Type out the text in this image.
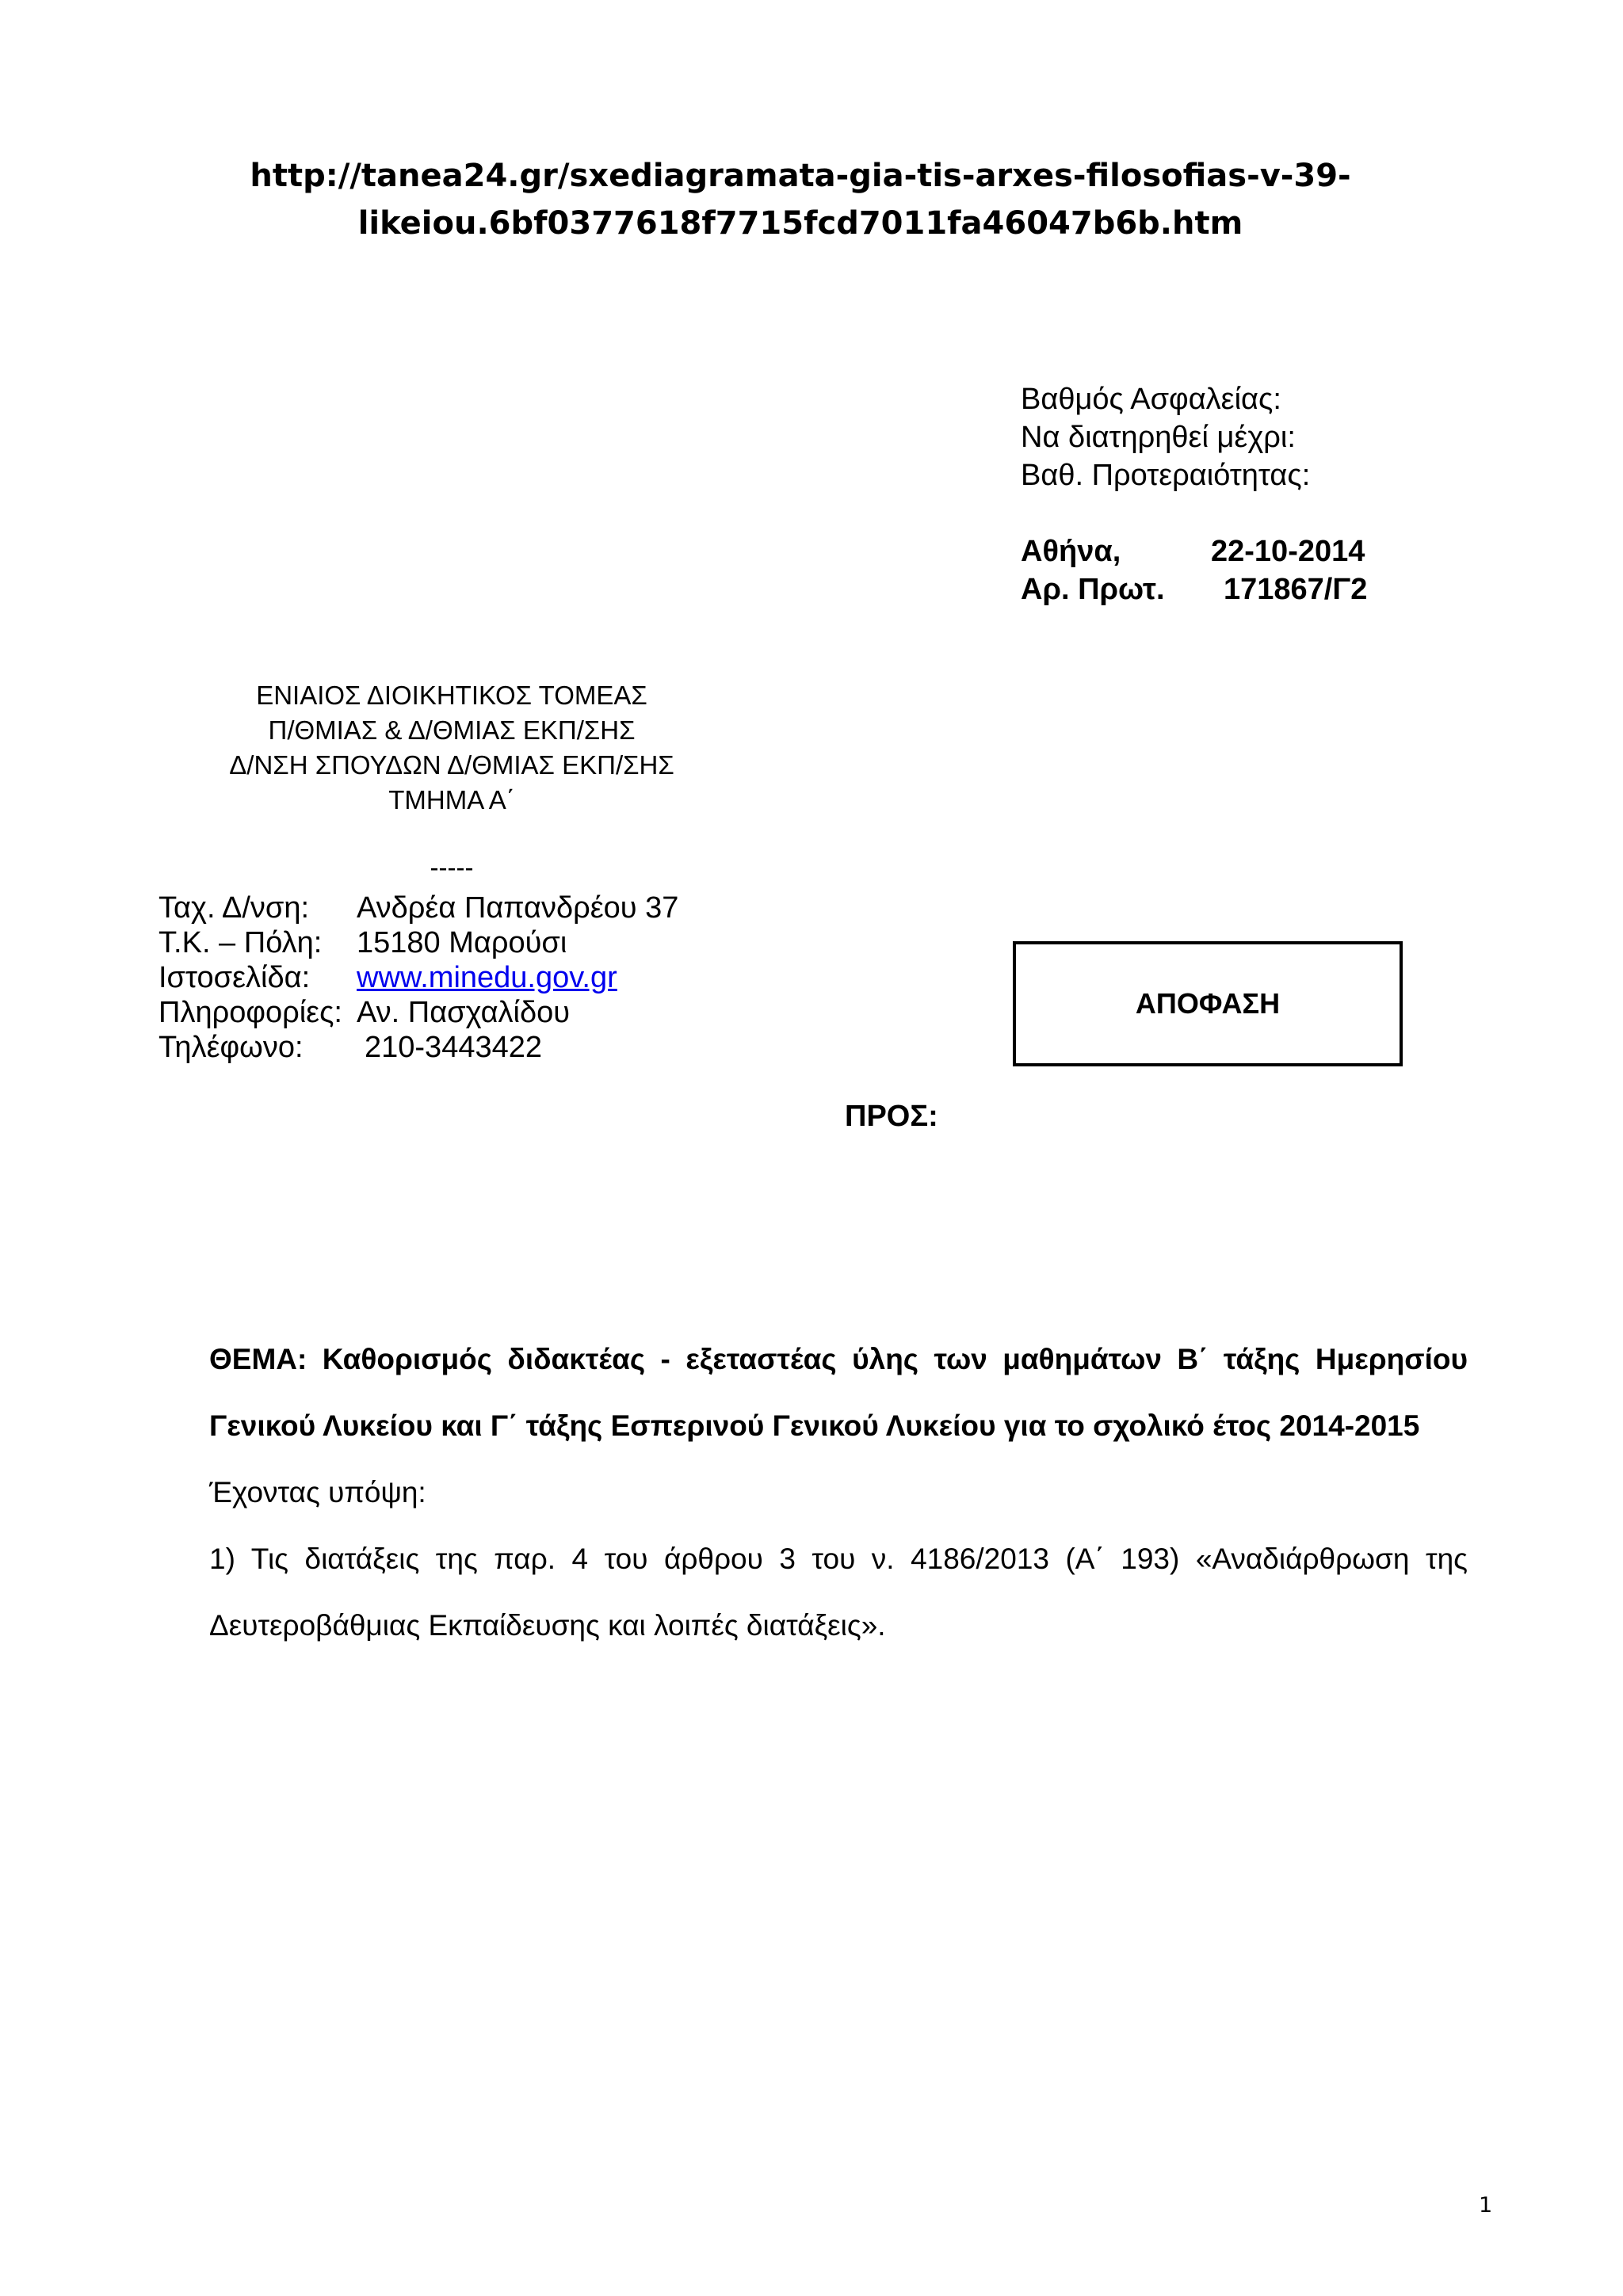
http://tanea24.gr/sxediagramata-gia-tis-arxes-filosofias-v-39-
likeiou.6bf0377618f7715fcd7011fa46047b6b.htm
Βαθμός Ασφαλείας:
Να διατηρηθεί μέχρι:
Βαθ. Προτεραιότητας:
Αθήνα,	22-10-2014
Αρ. Πρωτ. 171867/Γ2
ΕΝΙΑΙΟΣ ΔΙΟΙΚΗΤΙΚΟΣ ΤΟΜΕΑΣ
Π/ΘΜΙΑΣ & Δ/ΘΜΙΑΣ ΕΚΠ/ΣΗΣ
Δ/ΝΣΗ ΣΠΟΥΔΩΝ Δ/ΘΜΙΑΣ ΕΚΠ/ΣΗΣ
ΤΜΗΜΑ Α΄
-----
Ταχ. Δ/νση: Ανδρέα Παπανδρέου 37
Τ.Κ. – Πόλη: 15180 Μαρούσι
Ιστοσελίδα: www.minedu.gov.gr
Πληροφορίες: Αν. Πασχαλίδου
Τηλέφωνο: 210-3443422
ΑΠΟΦΑΣΗ
ΠΡΟΣ:
ΘΕΜΑ: Καθορισμός διδακτέας - εξεταστέας ύλης των μαθημάτων Β΄ τάξης Ημερησίου Γενικού Λυκείου και Γ΄ τάξης Εσπερινού Γενικού Λυκείου για το σχολικό έτος 2014-2015

Έχοντας υπόψη:

1) Τις διατάξεις της παρ. 4 του άρθρου 3 του ν. 4186/2013 (Α΄ 193) «Αναδιάρθρωση της Δευτεροβάθμιας Εκπαίδευσης και λοιπές διατάξεις».

1
